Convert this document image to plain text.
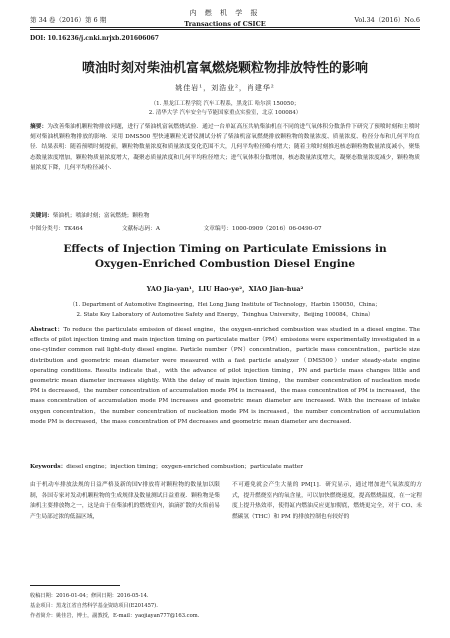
第 34 卷（2016）第 6 期
内 燃 机 学 报
Transactions of CSICE	Vol.34（2016）No.6
DOI: 10.16236/j.cnki.nrjxb.201606067
喷油时刻对柴油机富氧燃烧颗粒物排放特性的影响
姚佳岩¹，刘浩业²，肖建华²
（1. 黑龙江工程学院 汽车工程系，黑龙江 哈尔滨 150050；
2. 清华大学 汽车安全与节能国家重点实验室，北京 100084）
摘要：为改善柴油机颗粒物排放问题，进行了柴油机富氧燃烧试验．通过一台单缸高压共轨柴油机在不同的进气氧体积分数条件下研究了预喷时刻和主喷时刻对柴油机颗粒物排放的影响．采用 DMS500 型快速颗粒光谱仪测试分析了柴油机富氧燃烧排放颗粒物的数量浓度、质量浓度、粒径分布和几何平均直径．结果表明：随着预喷时刻提前，颗粒物数量浓度和质量浓度变化范围不大，几何平均粒径略有增大；随着主喷时刻推迟核态颗粒物数量浓度减小，聚集态数量浓度增加，颗粒物质量浓度增大，凝聚态质量浓度和几何平均粒径增大；进气氧体积分数增加，核态数量浓度增大，凝聚态数量浓度减少，颗粒物质量浓度下降，几何平均粒径减小.
关键词：柴油机；喷油时刻；富氧燃烧；颗粒物
中图分类号：TK464	文献标志码：A	文章编号：1000-0909（2016）06-0490-07
Effects of Injection Timing on Particulate Emissions in
Oxygen-Enriched Combustion Diesel Engine
YAO Jia-yan¹，LIU Hao-ye²，XIAO Jian-hua²
（1. Department of Automotive Engineering，Hei Long Jiang Institute of Technology，Harbin 150050，China；
2. State Key Laboratory of Automotive Safety and Energy，Tsinghua University，Beijing 100084，China）
Abstract：To reduce the particulate emission of diesel engine，the oxygen-enriched combustion was studied in a diesel engine. The effects of pilot injection timing and main injection timing on particulate matter（PM）emissions were experimentally investigated in a one-cylinder common rail light-duty diesel engine. Particle number（PN）concentration，particle mass concentration，particle size distribution and geometric mean diameter were measured with a fast particle analyzer（DMS500）under steady-state engine operating conditions. Results indicate that，with the advance of pilot injection timing，PN and particle mass changes little and geometric mean diameter increases slightly. With the delay of main injection timing，the number concentration of nucleation mode PM is decreased，the number concentration of accumulation mode PM is increased，the mass concentration of PM is increased，the mass concentration of accumulation mode PM increases and geometric mean diameter are increased. With the increase of intake oxygen concentration，the number concentration of nucleation mode PM is increased，the number concentration of accumulation mode PM is decreased，the mass concentration of PM decreases and geometric mean diameter are decreased.
Keywords：diesel engine；injection timing；oxygen-enriched combustion；particulate matter
由于机动车排放法规的日益严格及新的国Ⅴ排放将对颗粒物的数量加以限制，各国专家对发动机颗粒物的生成规律及数量测试日益重视．颗粒物是柴油机主要排放物之一，这是由于在柴油机的燃烧室内，油滴扩散的火焰前易产生局部过浓的低温区域，
不可避免就会产生大量的 PM[1]．研究显示，通过增加进气氧浓度的方式，提升燃烧室内的氧含量，可以加快燃烧速度，提高燃烧温度，在一定程度上提升热效率，使得缸内燃油反应更加彻底，燃烧更完全，对于 CO、未燃碳氢（THC）和 PM 的排放控制也有较好的
收稿日期：2016-01-04；修回日期：2016-05-14.
基金项目：黑龙江省自然科学基金资助项目(E201457).
作者简介：姚佳岩，博士，副教授，E-mail：yaojiayan777@163.com.
